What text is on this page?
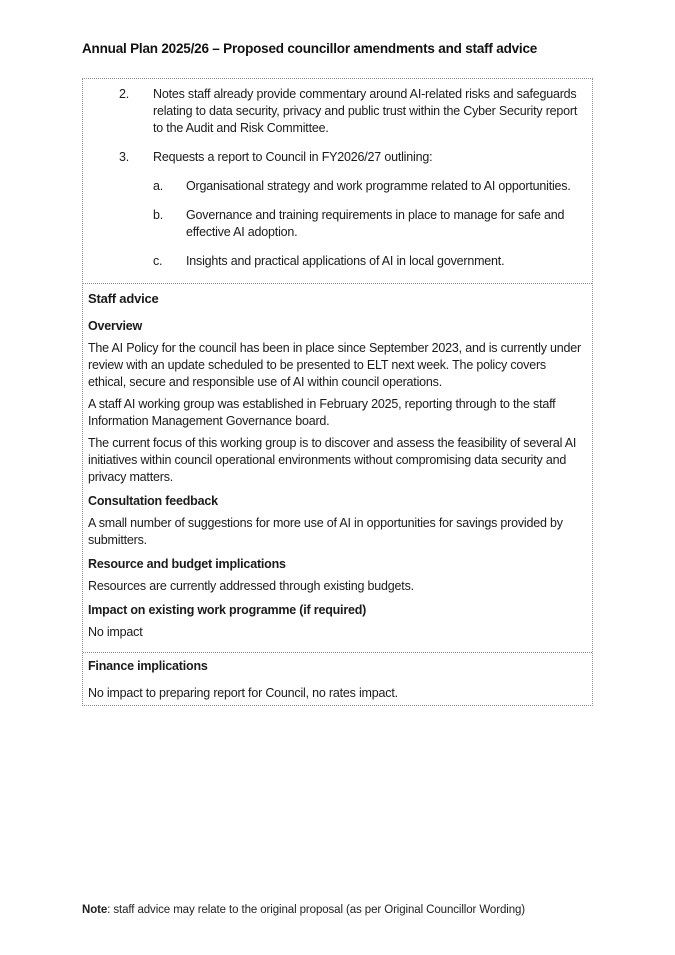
Annual Plan 2025/26 – Proposed councillor amendments and staff advice
2.	Notes staff already provide commentary around AI-related risks and safeguards relating to data security, privacy and public trust within the Cyber Security report to the Audit and Risk Committee.
3.	Requests a report to Council in FY2026/27 outlining:
a.	Organisational strategy and work programme related to AI opportunities.
b.	Governance and training requirements in place to manage for safe and effective AI adoption.
c.	Insights and practical applications of AI in local government.
Staff advice
Overview

The AI Policy for the council has been in place since September 2023, and is currently under review with an update scheduled to be presented to ELT next week. The policy covers ethical, secure and responsible use of AI within council operations.

A staff AI working group was established in February 2025, reporting through to the staff Information Management Governance board.

The current focus of this working group is to discover and assess the feasibility of several AI initiatives within council operational environments without compromising data security and privacy matters.

Consultation feedback

A small number of suggestions for more use of AI in opportunities for savings provided by submitters.

Resource and budget implications

Resources are currently addressed through existing budgets.

Impact on existing work programme (if required)

No impact

Finance implications

No impact to preparing report for Council, no rates impact.

Note: staff advice may relate to the original proposal (as per Original Councillor Wording)
